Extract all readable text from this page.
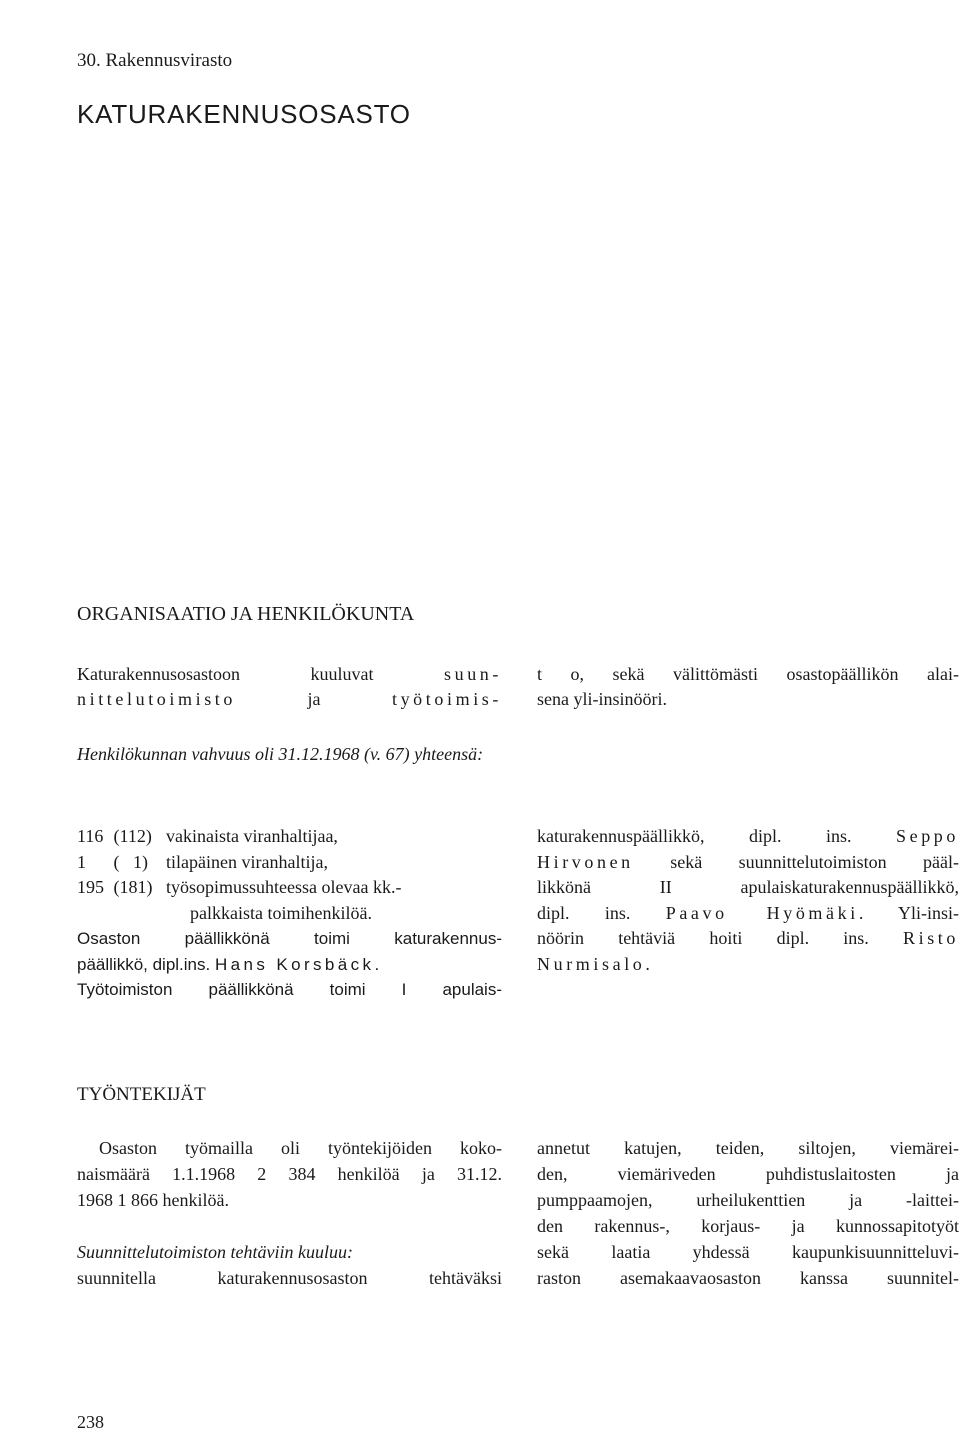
30. Rakennusvirasto
KATURAKENNUSOSASTO
ORGANISAATIO JA HENKILÖKUNTA
Katurakennusosastoon kuuluvat suun-
nittelutoimisto ja työtoimis-
t o, sekä välittömästi osastopäällikön alai-
sena yli-insinööri.
Henkilökunnan vahvuus oli 31.12.1968 (v. 67) yhteensä:
116 (112) vakinaista viranhaltijaa,
1 (   1) tilapäinen viranhaltija,
195 (181) työsopimussuhteessa olevaa kk.-
palkkaista toimihenkilöä.
Osaston päällikkönä toimi katurakennus-
päällikkö, dipl.ins. Hans Korsbäck.
Työtoimiston päällikkönä toimi I apulais-
katurakennuspäällikkö, dipl. ins. Seppo
Hirvonen sekä suunnittelutoimiston pääl-
likkönä II apulaiskaturakennuspäällikkö,
dipl. ins. Paavo Hyömäki. Yli-insi-
nöörin tehtäviä hoiti dipl. ins. Risto
Nurmisalo.
TYÖNTEKIJÄT
Osaston työmailla oli työntekijöiden koko-
naismäärä 1.1.1968 2 384 henkilöä ja 31.12.
1968 1 866 henkilöä.
Suunnittelutoimiston tehtäviin kuuluu:
suunnitella katurakennusosaston tehtäväksi
annetut katujen, teiden, siltojen, viemärei-
den, viemäriveden puhdistuslaitosten ja
pumppaamojen, urheilukenttien ja -laittei-
den rakennus-, korjaus- ja kunnossapitotyöt
sekä laatia yhdessä kaupunkisuunnitteluvi-
raston asemakaavaosaston kanssa suunnitel-
238
